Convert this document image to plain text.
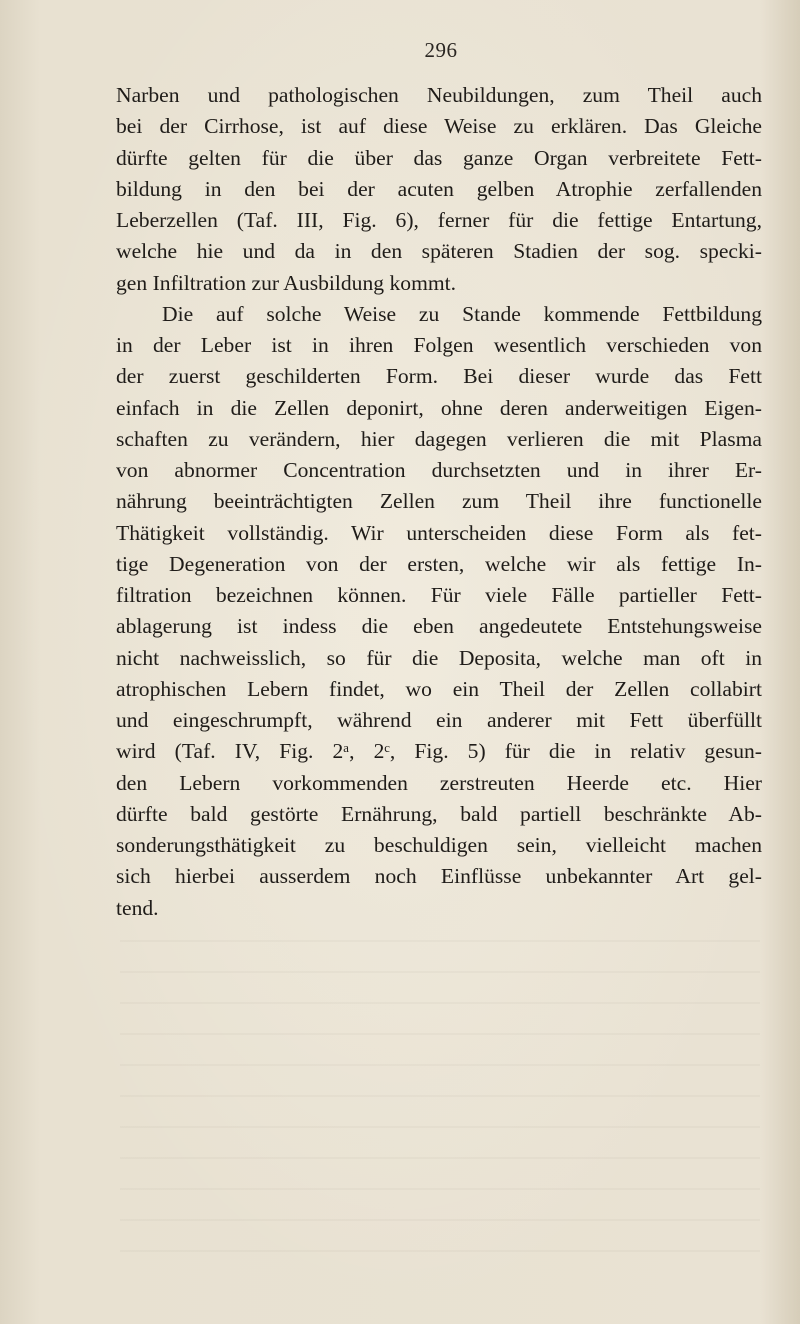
296
Narben und pathologischen Neubildungen, zum Theil auch
bei der Cirrhose, ist auf diese Weise zu erklären. Das Gleiche
dürfte gelten für die über das ganze Organ verbreitete Fett-
bildung in den bei der acuten gelben Atrophie zerfallenden
Leberzellen (Taf. III, Fig. 6), ferner für die fettige Entartung,
welche hie und da in den späteren Stadien der sog. specki-
gen Infiltration zur Ausbildung kommt.
Die auf solche Weise zu Stande kommende Fettbildung
in der Leber ist in ihren Folgen wesentlich verschieden von
der zuerst geschilderten Form. Bei dieser wurde das Fett
einfach in die Zellen deponirt, ohne deren anderweitigen Eigen-
schaften zu verändern, hier dagegen verlieren die mit Plasma
von abnormer Concentration durchsetzten und in ihrer Er-
nährung beeinträchtigten Zellen zum Theil ihre functionelle
Thätigkeit vollständig. Wir unterscheiden diese Form als fet-
tige Degeneration von der ersten, welche wir als fettige In-
filtration bezeichnen können. Für viele Fälle partieller Fett-
ablagerung ist indess die eben angedeutete Entstehungsweise
nicht nachweisslich, so für die Deposita, welche man oft in
atrophischen Lebern findet, wo ein Theil der Zellen collabirt
und eingeschrumpft, während ein anderer mit Fett überfüllt
wird (Taf. IV, Fig. 2ᵃ, 2ᶜ, Fig. 5) für die in relativ gesun-
den Lebern vorkommenden zerstreuten Heerde etc. Hier
dürfte bald gestörte Ernährung, bald partiell beschränkte Ab-
sonderungsthätigkeit zu beschuldigen sein, vielleicht machen
sich hierbei ausserdem noch Einflüsse unbekannter Art gel-
tend.
